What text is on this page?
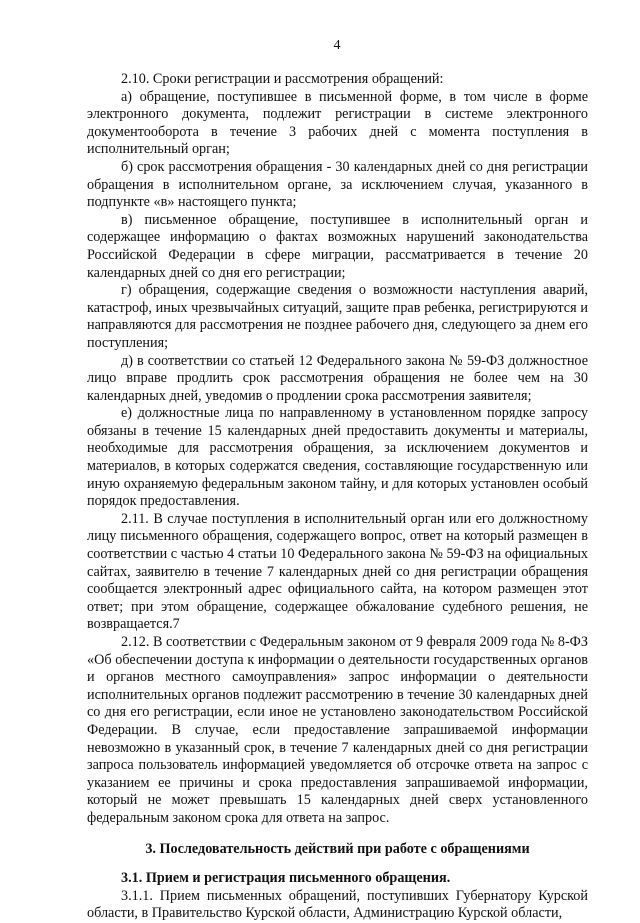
4

2.10. Сроки регистрации и рассмотрения обращений:

а) обращение, поступившее в письменной форме, в том числе в форме электронного документа, подлежит регистрации в системе электронного документооборота в течение 3 рабочих дней с момента поступления в исполнительный орган;

б) срок рассмотрения обращения - 30 календарных дней со дня регистрации обращения в исполнительном органе, за исключением случая, указанного в подпункте «в» настоящего пункта;

в) письменное обращение, поступившее в исполнительный орган и содержащее информацию о фактах возможных нарушений законодательства Российской Федерации в сфере миграции, рассматривается в течение 20 календарных дней со дня его регистрации;

г) обращения, содержащие сведения о возможности наступления аварий, катастроф, иных чрезвычайных ситуаций, защите прав ребенка, регистрируются и направляются для рассмотрения не позднее рабочего дня, следующего за днем его поступления;

д) в соответствии со статьей 12 Федерального закона № 59-ФЗ должностное лицо вправе продлить срок рассмотрения обращения не более чем на 30 календарных дней, уведомив о продлении срока рассмотрения заявителя;

е) должностные лица по направленному в установленном порядке запросу обязаны в течение 15 календарных дней предоставить документы и материалы, необходимые для рассмотрения обращения, за исключением документов и материалов, в которых содержатся сведения, составляющие государственную или иную охраняемую федеральным законом тайну, и для которых установлен особый порядок предоставления.

2.11. В случае поступления в исполнительный орган или его должностному лицу письменного обращения, содержащего вопрос, ответ на который размещен в соответствии с частью 4 статьи 10 Федерального закона № 59-ФЗ на официальных сайтах, заявителю в течение 7 календарных дней со дня регистрации обращения сообщается электронный адрес официального сайта, на котором размещен этот ответ; при этом обращение, содержащее обжалование судебного решения, не возвращается.7

2.12. В соответствии с Федеральным законом от 9 февраля 2009 года № 8-ФЗ «Об обеспечении доступа к информации о деятельности государственных органов и органов местного самоуправления» запрос информации о деятельности исполнительных органов подлежит рассмотрению в течение 30 календарных дней со дня его регистрации, если иное не установлено законодательством Российской Федерации. В случае, если предоставление запрашиваемой информации невозможно в указанный срок, в течение 7 календарных дней со дня регистрации запроса пользователь информацией уведомляется об отсрочке ответа на запрос с указанием ее причины и срока предоставления запрашиваемой информации, который не может превышать 15 календарных дней сверх установленного федеральным законом срока для ответа на запрос.

3. Последовательность действий при работе с обращениями
3.1. Прием и регистрация письменного обращения.

3.1.1. Прием письменных обращений, поступивших Губернатору Курской области, в Правительство Курской области, Администрацию Курской области,
